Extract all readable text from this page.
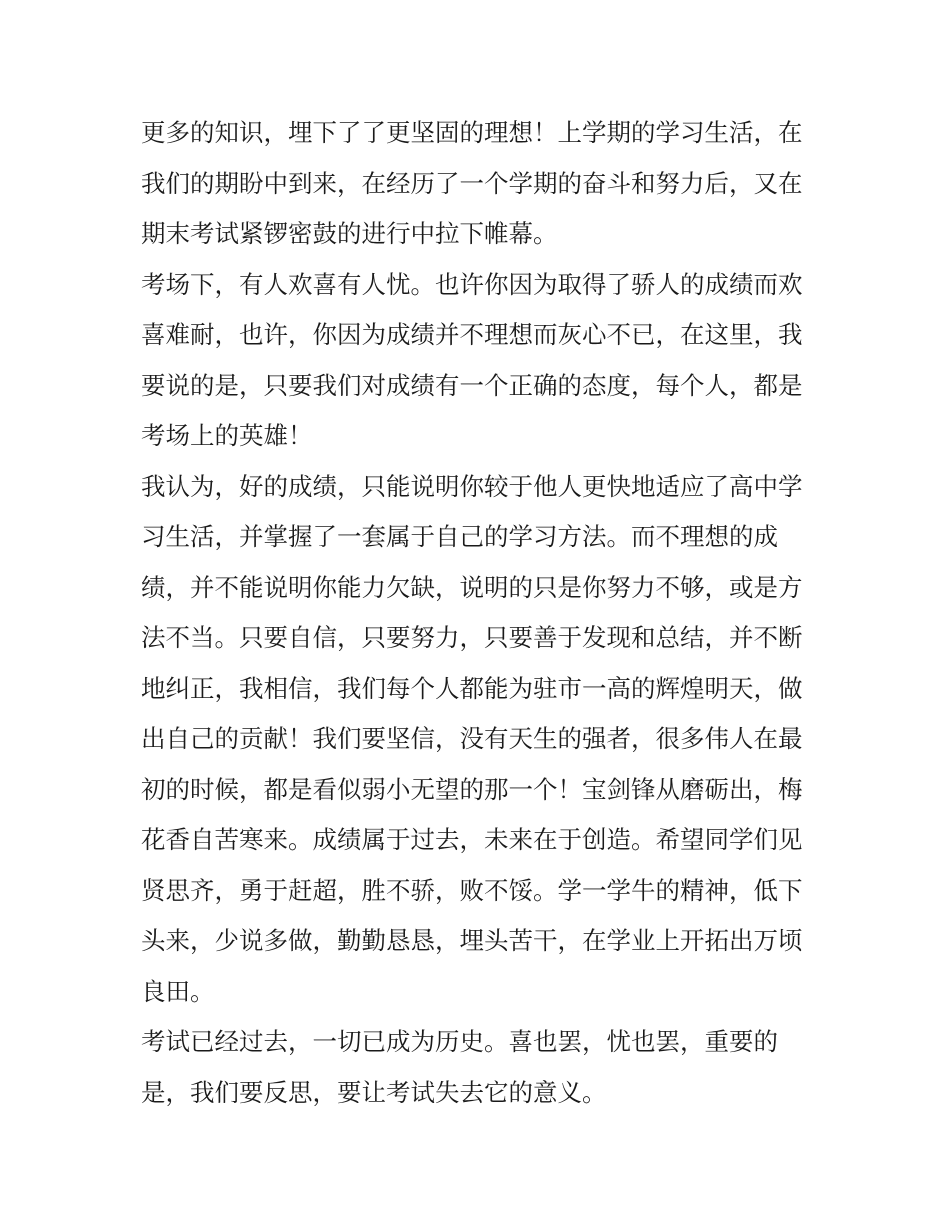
更多的知识，埋下了了更坚固的理想！上学期的学习生活，在
我们的期盼中到来，在经历了一个学期的奋斗和努力后，又在
期末考试紧锣密鼓的进行中拉下帷幕。
考场下，有人欢喜有人忧。也许你因为取得了骄人的成绩而欢
喜难耐，也许，你因为成绩并不理想而灰心不已，在这里，我
要说的是，只要我们对成绩有一个正确的态度，每个人，都是
考场上的英雄！
我认为，好的成绩，只能说明你较于他人更快地适应了高中学
习生活，并掌握了一套属于自己的学习方法。而不理想的成
绩，并不能说明你能力欠缺，说明的只是你努力不够，或是方
法不当。只要自信，只要努力，只要善于发现和总结，并不断
地纠正，我相信，我们每个人都能为驻市一高的辉煌明天，做
出自己的贡献！我们要坚信，没有天生的强者，很多伟人在最
初的时候，都是看似弱小无望的那一个！宝剑锋从磨砺出，梅
花香自苦寒来。成绩属于过去，未来在于创造。希望同学们见
贤思齐，勇于赶超，胜不骄，败不馁。学一学牛的精神，低下
头来，少说多做，勤勤恳恳，埋头苦干，在学业上开拓出万顷
良田。
考试已经过去，一切已成为历史。喜也罢，忧也罢，重要的
是，我们要反思，要让考试失去它的意义。
